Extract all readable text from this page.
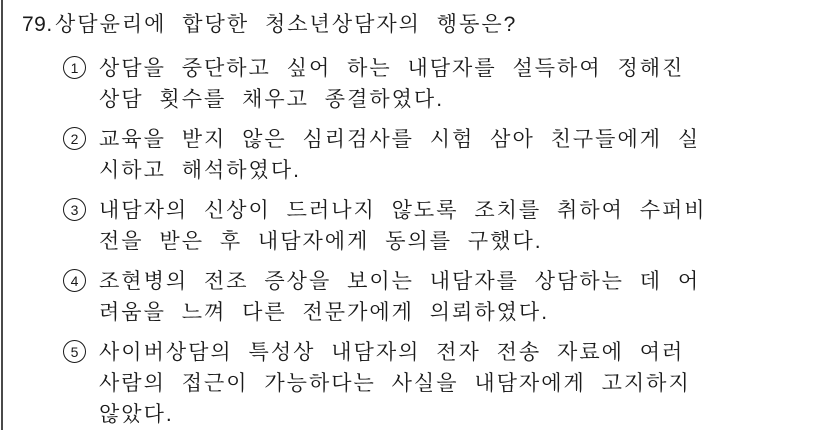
79. 상담윤리에 합당한 청소년상담자의 행동은?
1 상담을 중단하고 싶어 하는 내담자를 설득하여 정해진
상담 횟수를 채우고 종결하였다.
2 교육을 받지 않은 심리검사를 시험 삼아 친구들에게 실
시하고 해석하였다.
3 내담자의 신상이 드러나지 않도록 조치를 취하여 수퍼비
전을 받은 후 내담자에게 동의를 구했다.
4 조현병의 전조 증상을 보이는 내담자를 상담하는 데 어
려움을 느껴 다른 전문가에게 의뢰하였다.
5 사이버상담의 특성상 내담자의 전자 전송 자료에 여러
사람의 접근이 가능하다는 사실을 내담자에게 고지하지
않았다.
